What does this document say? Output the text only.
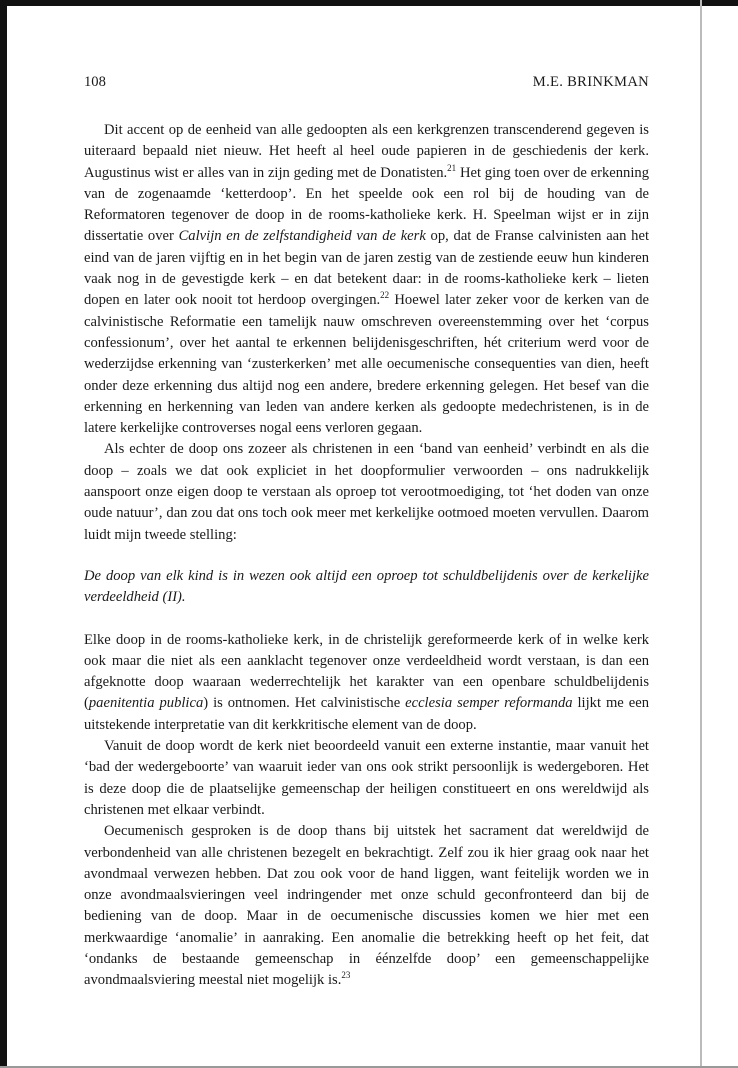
108	M.E. BRINKMAN

Dit accent op de eenheid van alle gedoopten als een kerkgrenzen transcenderend gegeven is uiteraard bepaald niet nieuw. Het heeft al heel oude papieren in de geschiedenis der kerk. Augustinus wist er alles van in zijn geding met de Donatisten.$^{21}$ Het ging toen over de erkenning van de zogenaamde ‘ketterdoop’. En het speelde ook een rol bij de houding van de Reformatoren tegenover de doop in de rooms-katholieke kerk. H. Speelman wijst er in zijn dissertatie over Calvijn en de zelfstandigheid van de kerk op, dat de Franse calvinisten aan het eind van de jaren vijftig en in het begin van de jaren zestig van de zestiende eeuw hun kinderen vaak nog in de gevestigde kerk – en dat betekent daar: in de rooms-katholieke kerk – lieten dopen en later ook nooit tot herdoop overgingen.$^{22}$ Hoewel later zeker voor de kerken van de calvinistische Reformatie een tamelijk nauw omschreven overeenstemming over het ‘corpus confessionum’, over het aantal te erkennen belijdenisgeschriften, hét criterium werd voor de wederzijdse erkenning van ‘zusterkerken’ met alle oecumenische consequenties van dien, heeft onder deze erkenning dus altijd nog een andere, bredere erkenning gelegen. Het besef van die erkenning en herkenning van leden van andere kerken als gedoopte medechristenen, is in de latere kerkelijke controverses nogal eens verloren gegaan.

Als echter de doop ons zozeer als christenen in een ‘band van eenheid’ verbindt en als die doop – zoals we dat ook expliciet in het doopformulier verwoorden – ons nadrukkelijk aanspoort onze eigen doop te verstaan als oproep tot verootmoediging, tot ‘het doden van onze oude natuur’, dan zou dat ons toch ook meer met kerkelijke ootmoed moeten vervullen. Daarom luidt mijn tweede stelling:

De doop van elk kind is in wezen ook altijd een oproep tot schuldbelijdenis over de kerkelijke verdeeldheid (II).

Elke doop in de rooms-katholieke kerk, in de christelijk gereformeerde kerk of in welke kerk ook maar die niet als een aanklacht tegenover onze verdeeldheid wordt verstaan, is dan een afgeknotte doop waaraan wederrechtelijk het karakter van een openbare schuldbelijdenis (paenitentia publica) is ontnomen. Het calvinistische ecclesia semper reformanda lijkt me een uitstekende interpretatie van dit kerkkritische element van de doop.

Vanuit de doop wordt de kerk niet beoordeeld vanuit een externe instantie, maar vanuit het ‘bad der wedergeboorte’ van waaruit ieder van ons ook strikt persoonlijk is wedergeboren. Het is deze doop die de plaatselijke gemeenschap der heiligen constitueert en ons wereldwijd als christenen met elkaar verbindt.

Oecumenisch gesproken is de doop thans bij uitstek het sacrament dat wereldwijd de verbondenheid van alle christenen bezegelt en bekrachtigt. Zelf zou ik hier graag ook naar het avondmaal verwezen hebben. Dat zou ook voor de hand liggen, want feitelijk worden we in onze avondmaalsvieringen veel indringender met onze schuld geconfronteerd dan bij de bediening van de doop. Maar in de oecumenische discussies komen we hier met een merkwaardige ‘anomalie’ in aanraking. Een anomalie die betrekking heeft op het feit, dat ‘ondanks de bestaande gemeenschap in éénzelfde doop’ een gemeenschappelijke avondmaalsviering meestal niet mogelijk is.$^{23}$
